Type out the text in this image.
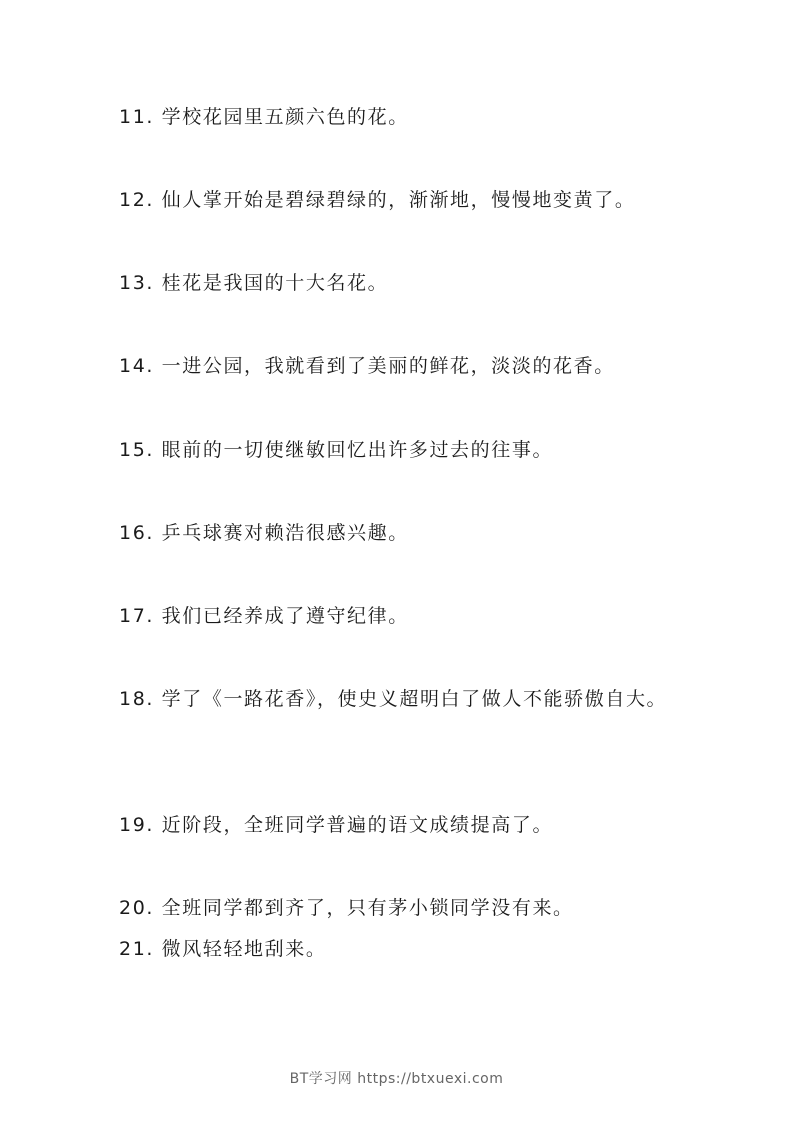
11. 学校花园里五颜六色的花。
12. 仙人掌开始是碧绿碧绿的，渐渐地，慢慢地变黄了。
13. 桂花是我国的十大名花。
14. 一进公园，我就看到了美丽的鲜花，淡淡的花香。
15. 眼前的一切使继敏回忆出许多过去的往事。
16. 乒乓球赛对赖浩很感兴趣。
17. 我们已经养成了遵守纪律。
18. 学了《一路花香》，使史义超明白了做人不能骄傲自大。
19. 近阶段，全班同学普遍的语文成绩提高了。
20. 全班同学都到齐了，只有茅小锁同学没有来。
21. 微风轻轻地刮来。
BT学习网 https://btxuexi.com
